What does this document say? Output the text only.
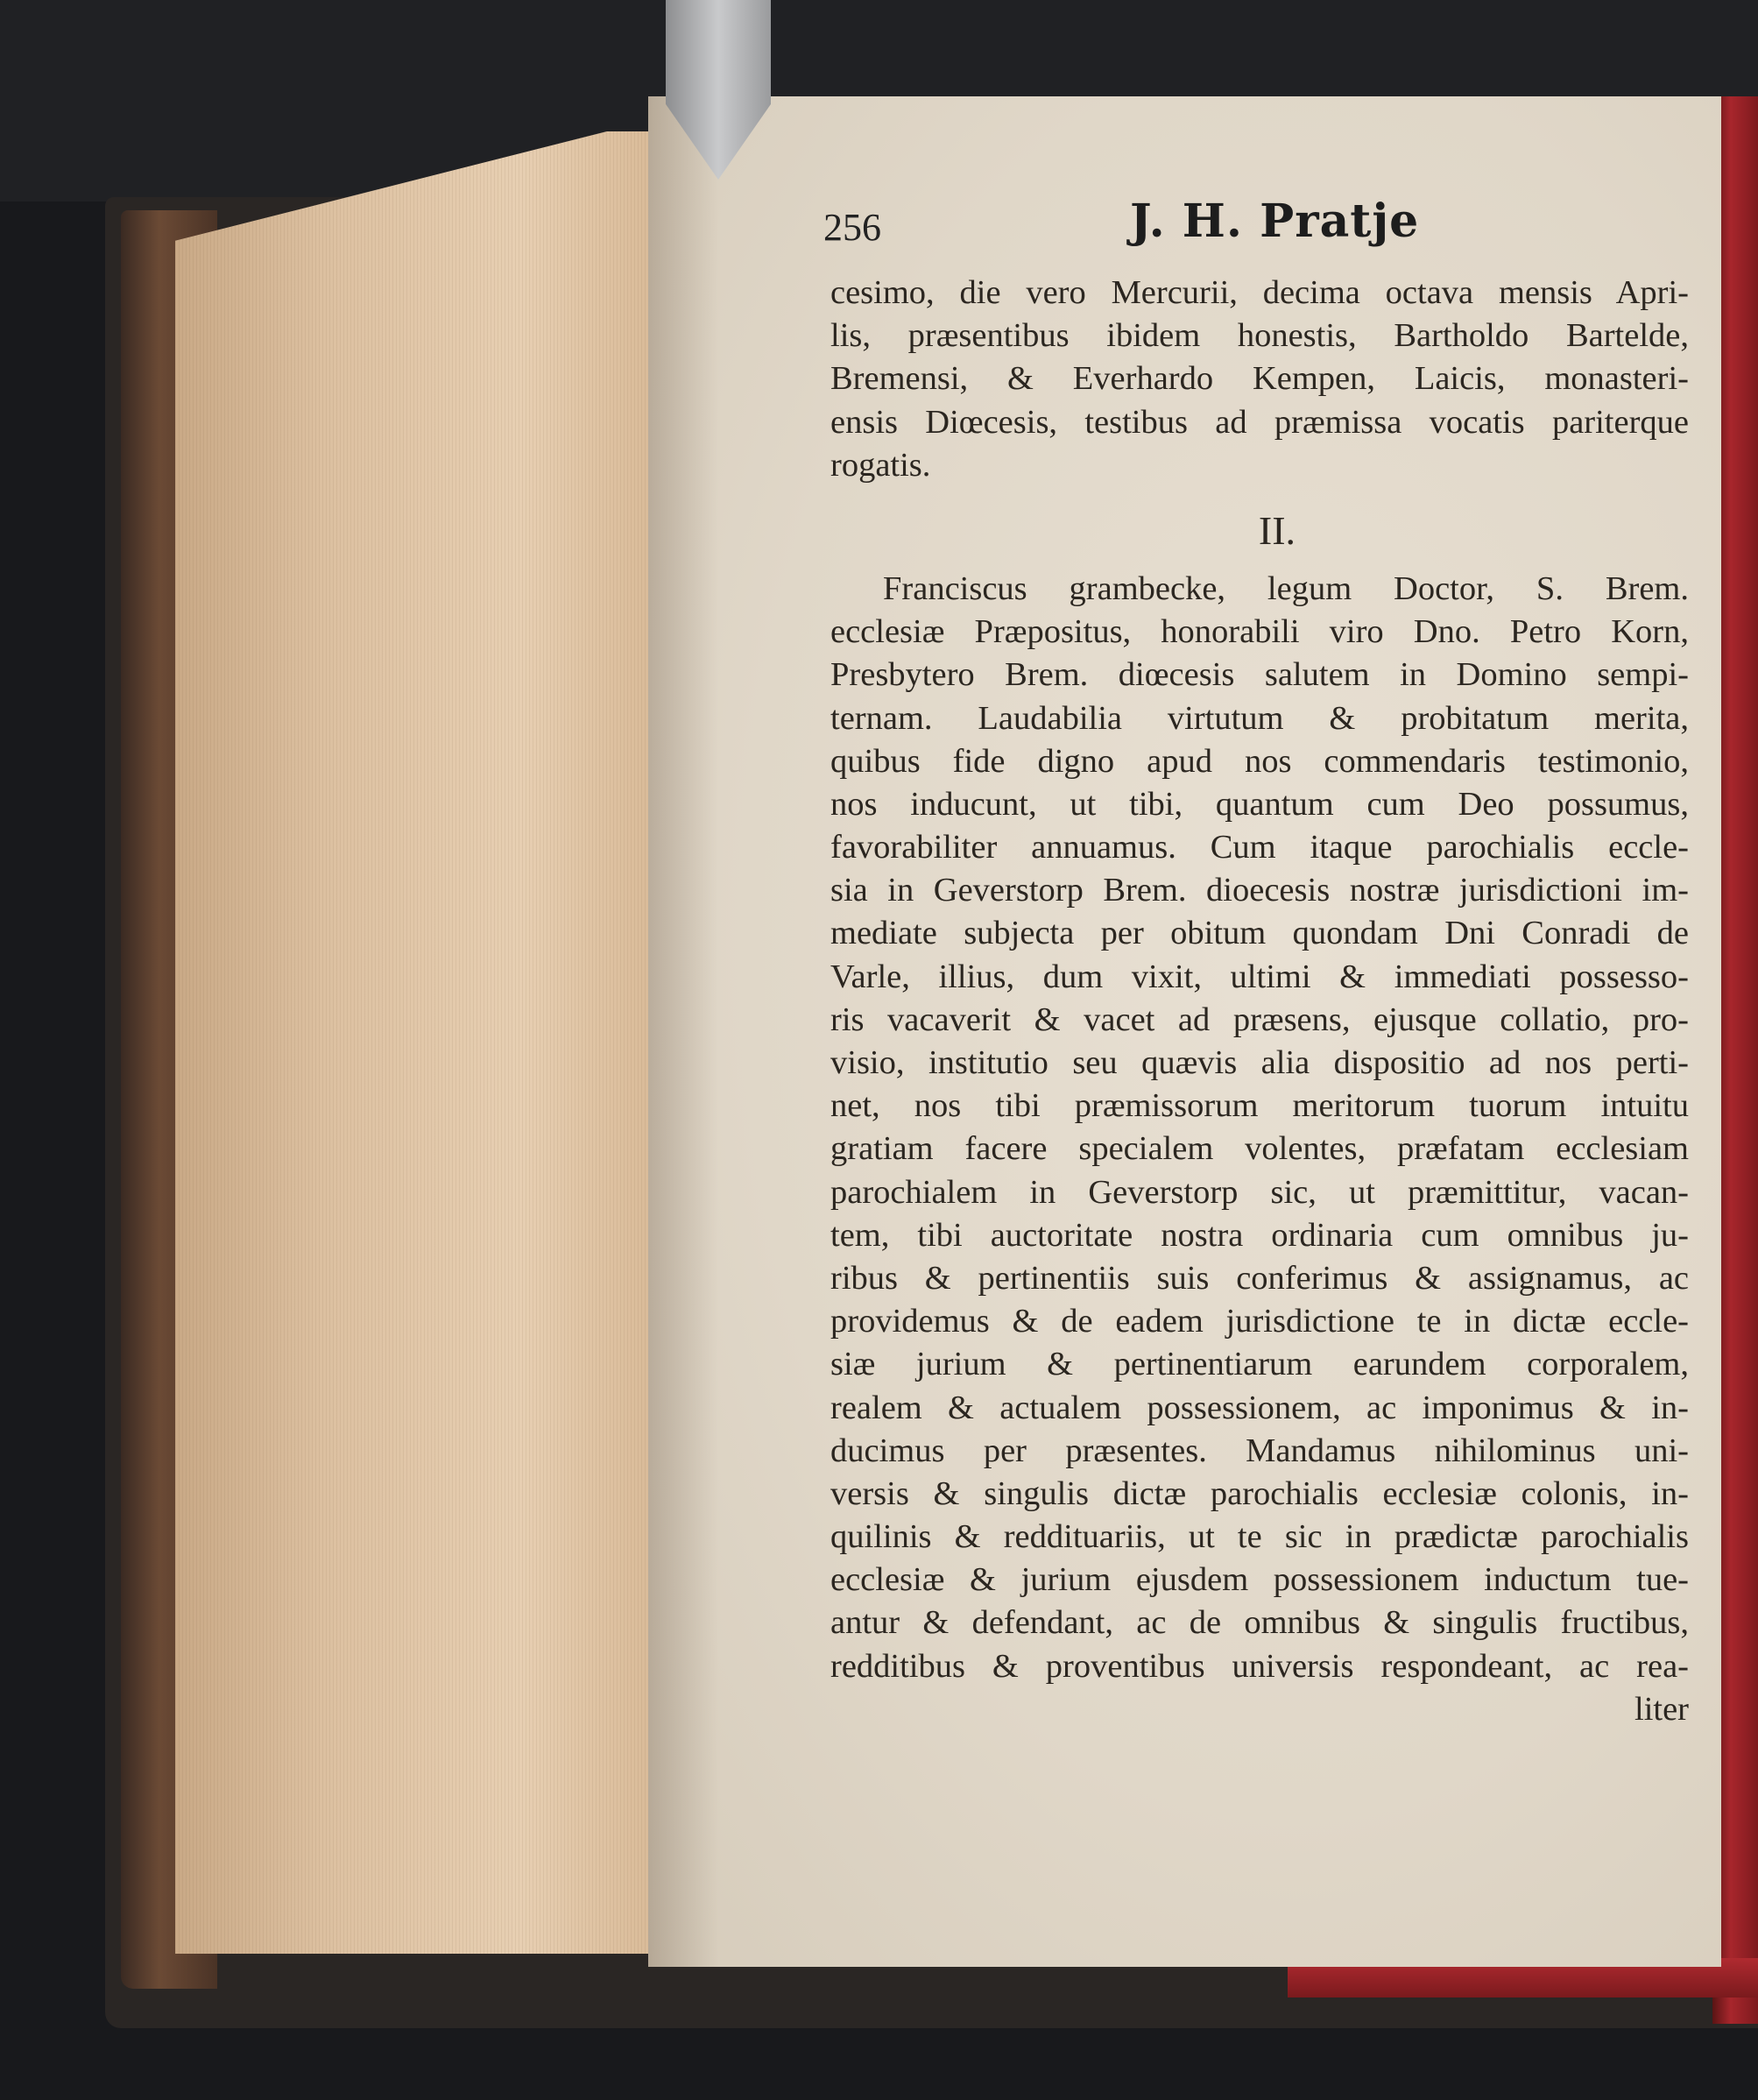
256	J. H. Pratje
cesimo, die vero Mercurii, decima octava mensis Apri-
lis, præsentibus ibidem honestis, Bartholdo Bartelde,
Bremensi, & Everhardo Kempen, Laicis, monasteri-
ensis Diœcesis, testibus ad præmissa vocatis pariterque
rogatis.
II.
Franciscus grambecke, legum Doctor, S. Brem.
ecclesiæ Præpositus, honorabili viro Dno. Petro Korn,
Presbytero Brem. diœcesis salutem in Domino sempi-
ternam. Laudabilia virtutum & probitatum merita,
quibus fide digno apud nos commendaris testimonio,
nos inducunt, ut tibi, quantum cum Deo possumus,
favorabiliter annuamus. Cum itaque parochialis eccle-
sia in Geverstorp Brem. dioecesis nostræ jurisdictioni im-
mediate subjecta per obitum quondam Dni Conradi de
Varle, illius, dum vixit, ultimi & immediati possesso-
ris vacaverit & vacet ad præsens, ejusque collatio, pro-
visio, institutio seu quævis alia dispositio ad nos perti-
net, nos tibi præmissorum meritorum tuorum intuitu
gratiam facere specialem volentes, præfatam ecclesiam
parochialem in Geverstorp sic, ut præmittitur, vacan-
tem, tibi auctoritate nostra ordinaria cum omnibus ju-
ribus & pertinentiis suis conferimus & assignamus, ac
providemus & de eadem jurisdictione te in dictæ eccle-
siæ jurium & pertinentiarum earundem corporalem,
realem & actualem possessionem, ac imponimus & in-
ducimus per præsentes. Mandamus nihilominus uni-
versis & singulis dictæ parochialis ecclesiæ colonis, in-
quilinis & reddituariis, ut te sic in prædictæ parochialis
ecclesiæ & jurium ejusdem possessionem inductum tue-
antur & defendant, ac de omnibus & singulis fructibus,
redditibus & proventibus universis respondeant, ac rea-
liter
